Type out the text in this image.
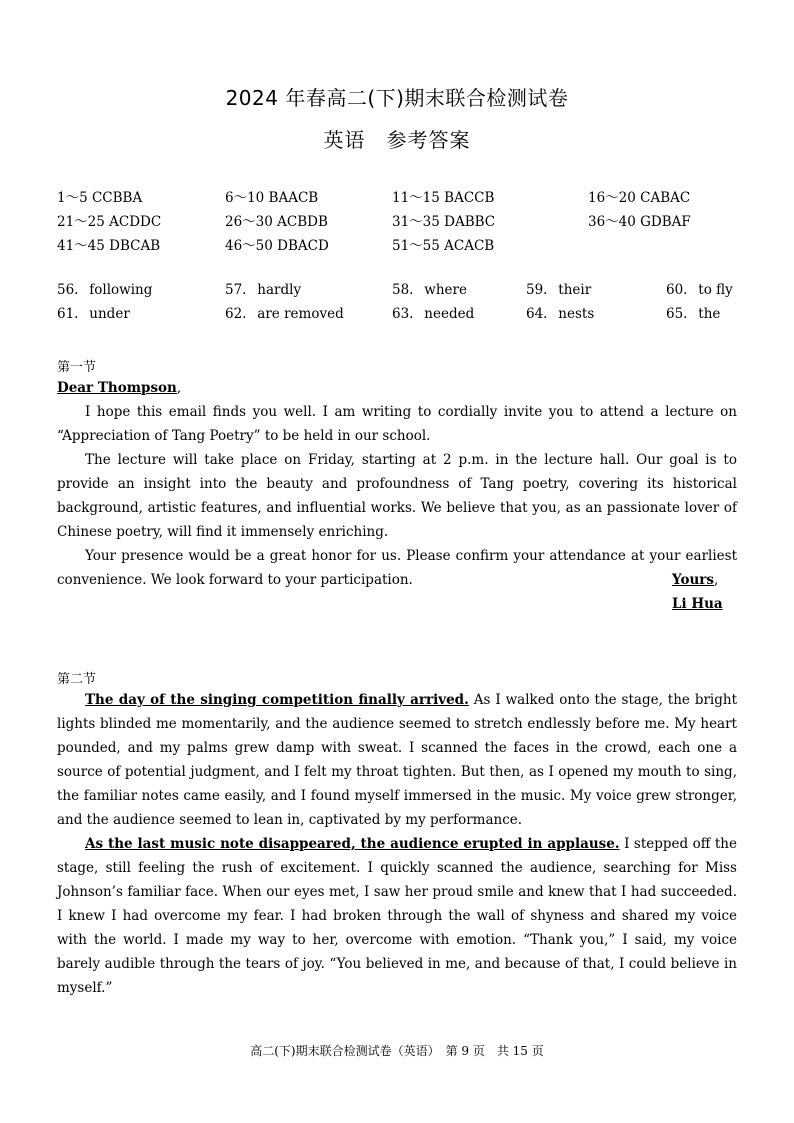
2024 年春高二(下)期末联合检测试卷
英语　参考答案
1～5 CCBBA	6～10 BAACB	11～15 BACCB	16～20 CABAC
21～25 ACDDC	26～30 ACBDB	31～35 DABBC	36～40 GDBAF
41～45 DBCAB	46～50 DBACD	51～55 ACACB
56. following	57. hardly	58. where	59. their	60. to fly
61. under	62. are removed	63. needed	64. nests	65. the
第一节

Dear Thompson,

I hope this email finds you well. I am writing to cordially invite you to attend a lecture on “Appreciation of Tang Poetry” to be held in our school.

The lecture will take place on Friday, starting at 2 p.m. in the lecture hall. Our goal is to provide an insight into the beauty and profoundness of Tang poetry, covering its historical background, artistic features, and influential works. We believe that you, as an passionate lover of Chinese poetry, will find it immensely enriching.

Your presence would be a great honor for us. Please confirm your attendance at your earliest convenience. We look forward to your participation.	Yours,
Li Hua
第二节

The day of the singing competition finally arrived. As I walked onto the stage, the bright lights blinded me momentarily, and the audience seemed to stretch endlessly before me. My heart pounded, and my palms grew damp with sweat. I scanned the faces in the crowd, each one a source of potential judgment, and I felt my throat tighten. But then, as I opened my mouth to sing, the familiar notes came easily, and I found myself immersed in the music. My voice grew stronger, and the audience seemed to lean in, captivated by my performance.

As the last music note disappeared, the audience erupted in applause. I stepped off the stage, still feeling the rush of excitement. I quickly scanned the audience, searching for Miss Johnson’s familiar face. When our eyes met, I saw her proud smile and knew that I had succeeded. I knew I had overcome my fear. I had broken through the wall of shyness and shared my voice with the world. I made my way to her, overcome with emotion. “Thank you,” I said, my voice barely audible through the tears of joy. “You believed in me, and because of that, I could believe in myself.”

高二(下)期末联合检测试卷（英语）　第 9 页　共 15 页
